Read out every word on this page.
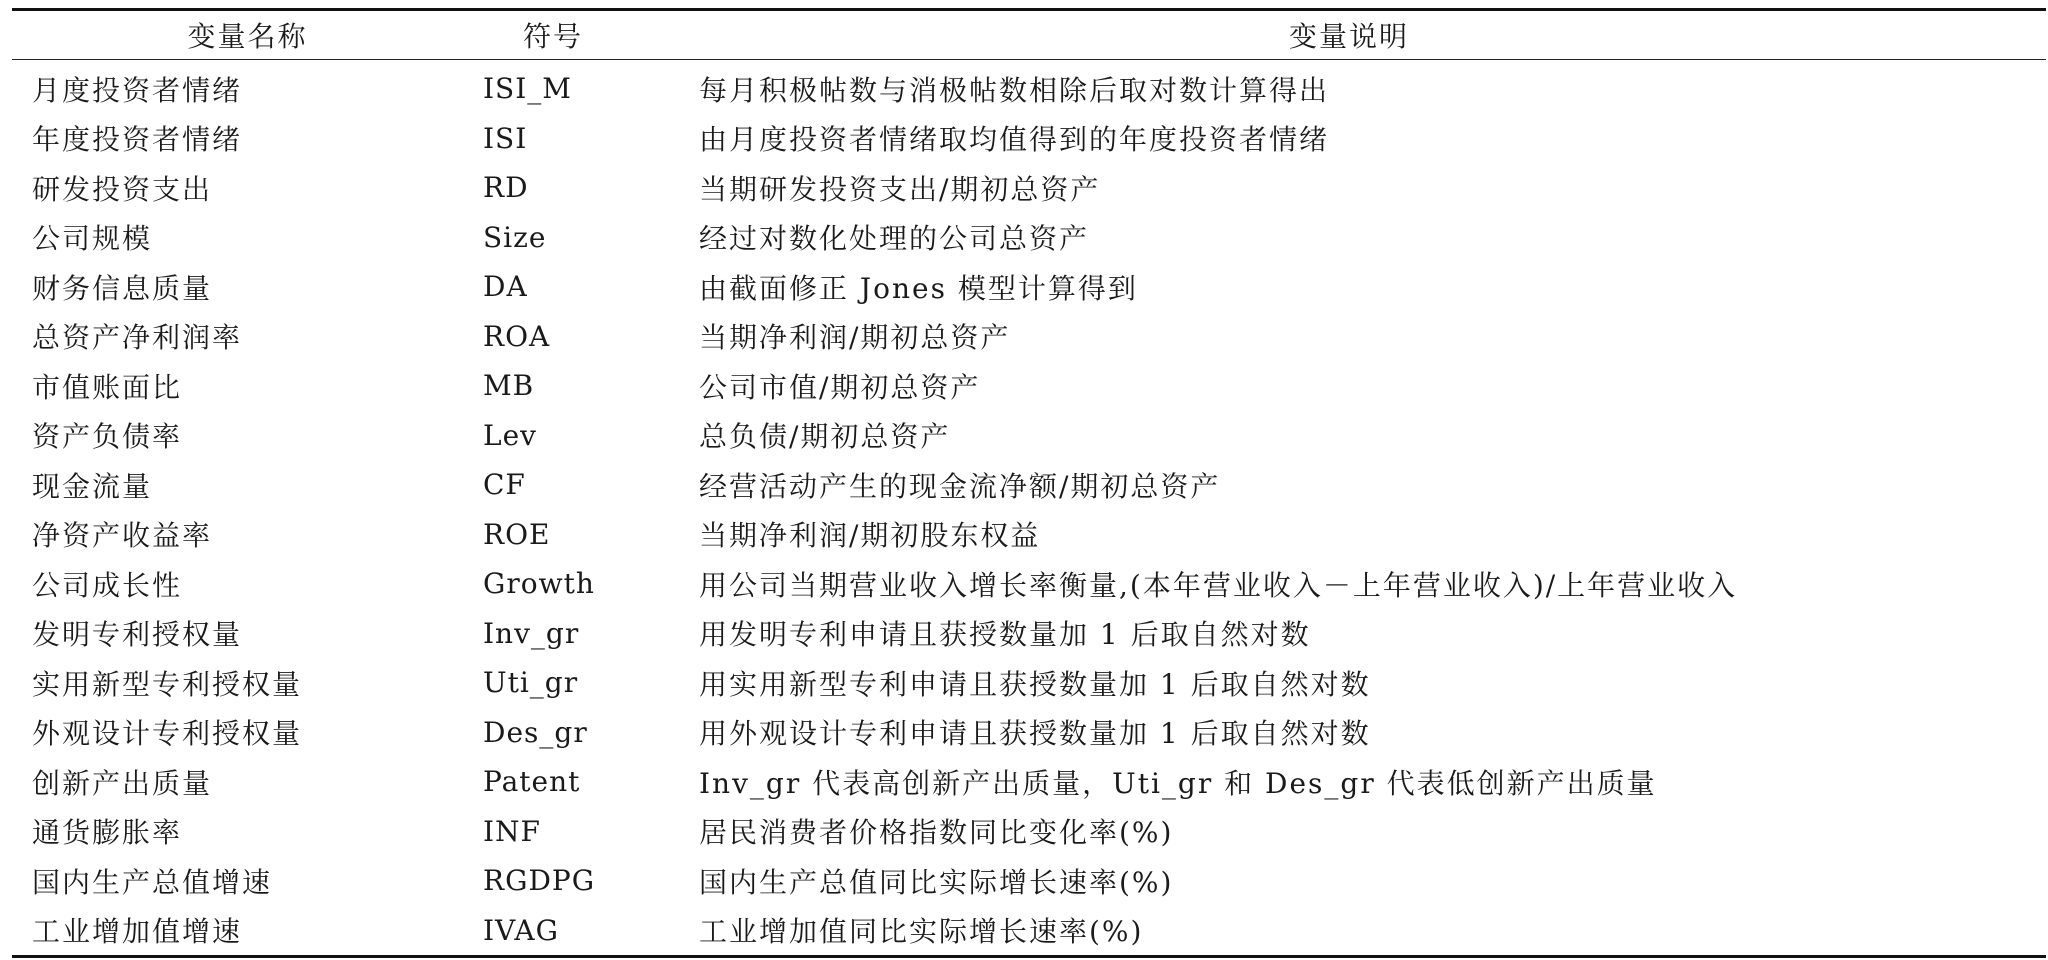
变量名称	符号	变量说明
月度投资者情绪	ISI_M	每月积极帖数与消极帖数相除后取对数计算得出
年度投资者情绪	ISI	由月度投资者情绪取均值得到的年度投资者情绪
研发投资支出	RD	当期研发投资支出/期初总资产
公司规模	Size	经过对数化处理的公司总资产
财务信息质量	DA	由截面修正 Jones 模型计算得到
总资产净利润率	ROA	当期净利润/期初总资产
市值账面比	MB	公司市值/期初总资产
资产负债率	Lev	总负债/期初总资产
现金流量	CF	经营活动产生的现金流净额/期初总资产
净资产收益率	ROE	当期净利润/期初股东权益
公司成长性	Growth	用公司当期营业收入增长率衡量,(本年营业收入－上年营业收入)/上年营业收入
发明专利授权量	Inv_gr	用发明专利申请且获授数量加 1 后取自然对数
实用新型专利授权量	Uti_gr	用实用新型专利申请且获授数量加 1 后取自然对数
外观设计专利授权量	Des_gr	用外观设计专利申请且获授数量加 1 后取自然对数
创新产出质量	Patent	Inv_gr 代表高创新产出质量，Uti_gr 和 Des_gr 代表低创新产出质量
通货膨胀率	INF	居民消费者价格指数同比变化率(%)
国内生产总值增速	RGDPG	国内生产总值同比实际增长速率(%)
工业增加值增速	IVAG	工业增加值同比实际增长速率(%)
